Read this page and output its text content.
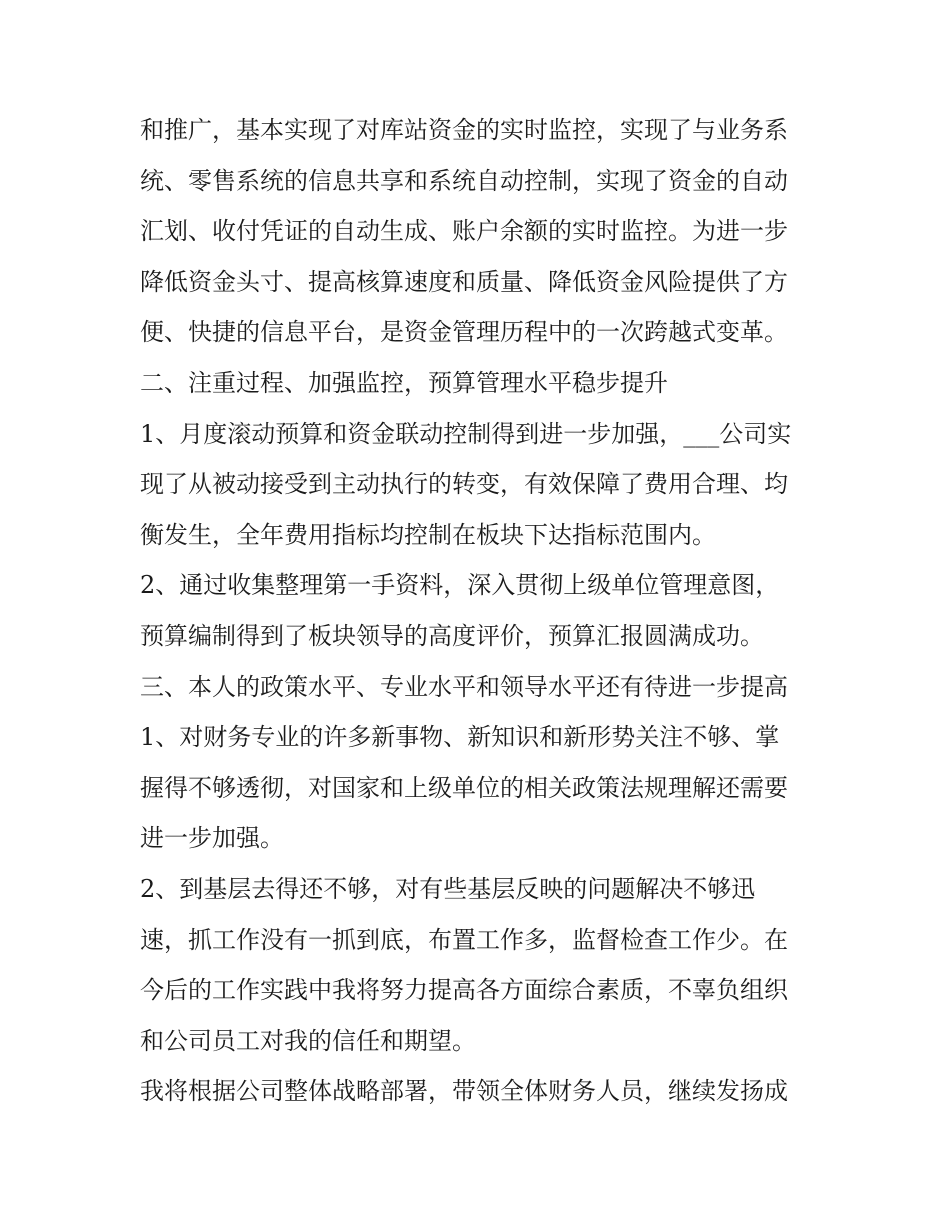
和推广，基本实现了对库站资金的实时监控，实现了与业务系
统、零售系统的信息共享和系统自动控制，实现了资金的自动
汇划、收付凭证的自动生成、账户余额的实时监控。为进一步
降低资金头寸、提高核算速度和质量、降低资金风险提供了方
便、快捷的信息平台，是资金管理历程中的一次跨越式变革。
二、注重过程、加强监控，预算管理水平稳步提升
1、月度滚动预算和资金联动控制得到进一步加强，___公司实
现了从被动接受到主动执行的转变，有效保障了费用合理、均
衡发生，全年费用指标均控制在板块下达指标范围内。
2、通过收集整理第一手资料，深入贯彻上级单位管理意图，
预算编制得到了板块领导的高度评价，预算汇报圆满成功。
三、本人的政策水平、专业水平和领导水平还有待进一步提高
1、对财务专业的许多新事物、新知识和新形势关注不够、掌
握得不够透彻，对国家和上级单位的相关政策法规理解还需要
进一步加强。
2、到基层去得还不够，对有些基层反映的问题解决不够迅
速，抓工作没有一抓到底，布置工作多，监督检查工作少。在
今后的工作实践中我将努力提高各方面综合素质，不辜负组织
和公司员工对我的信任和期望。
我将根据公司整体战略部署，带领全体财务人员，继续发扬成
